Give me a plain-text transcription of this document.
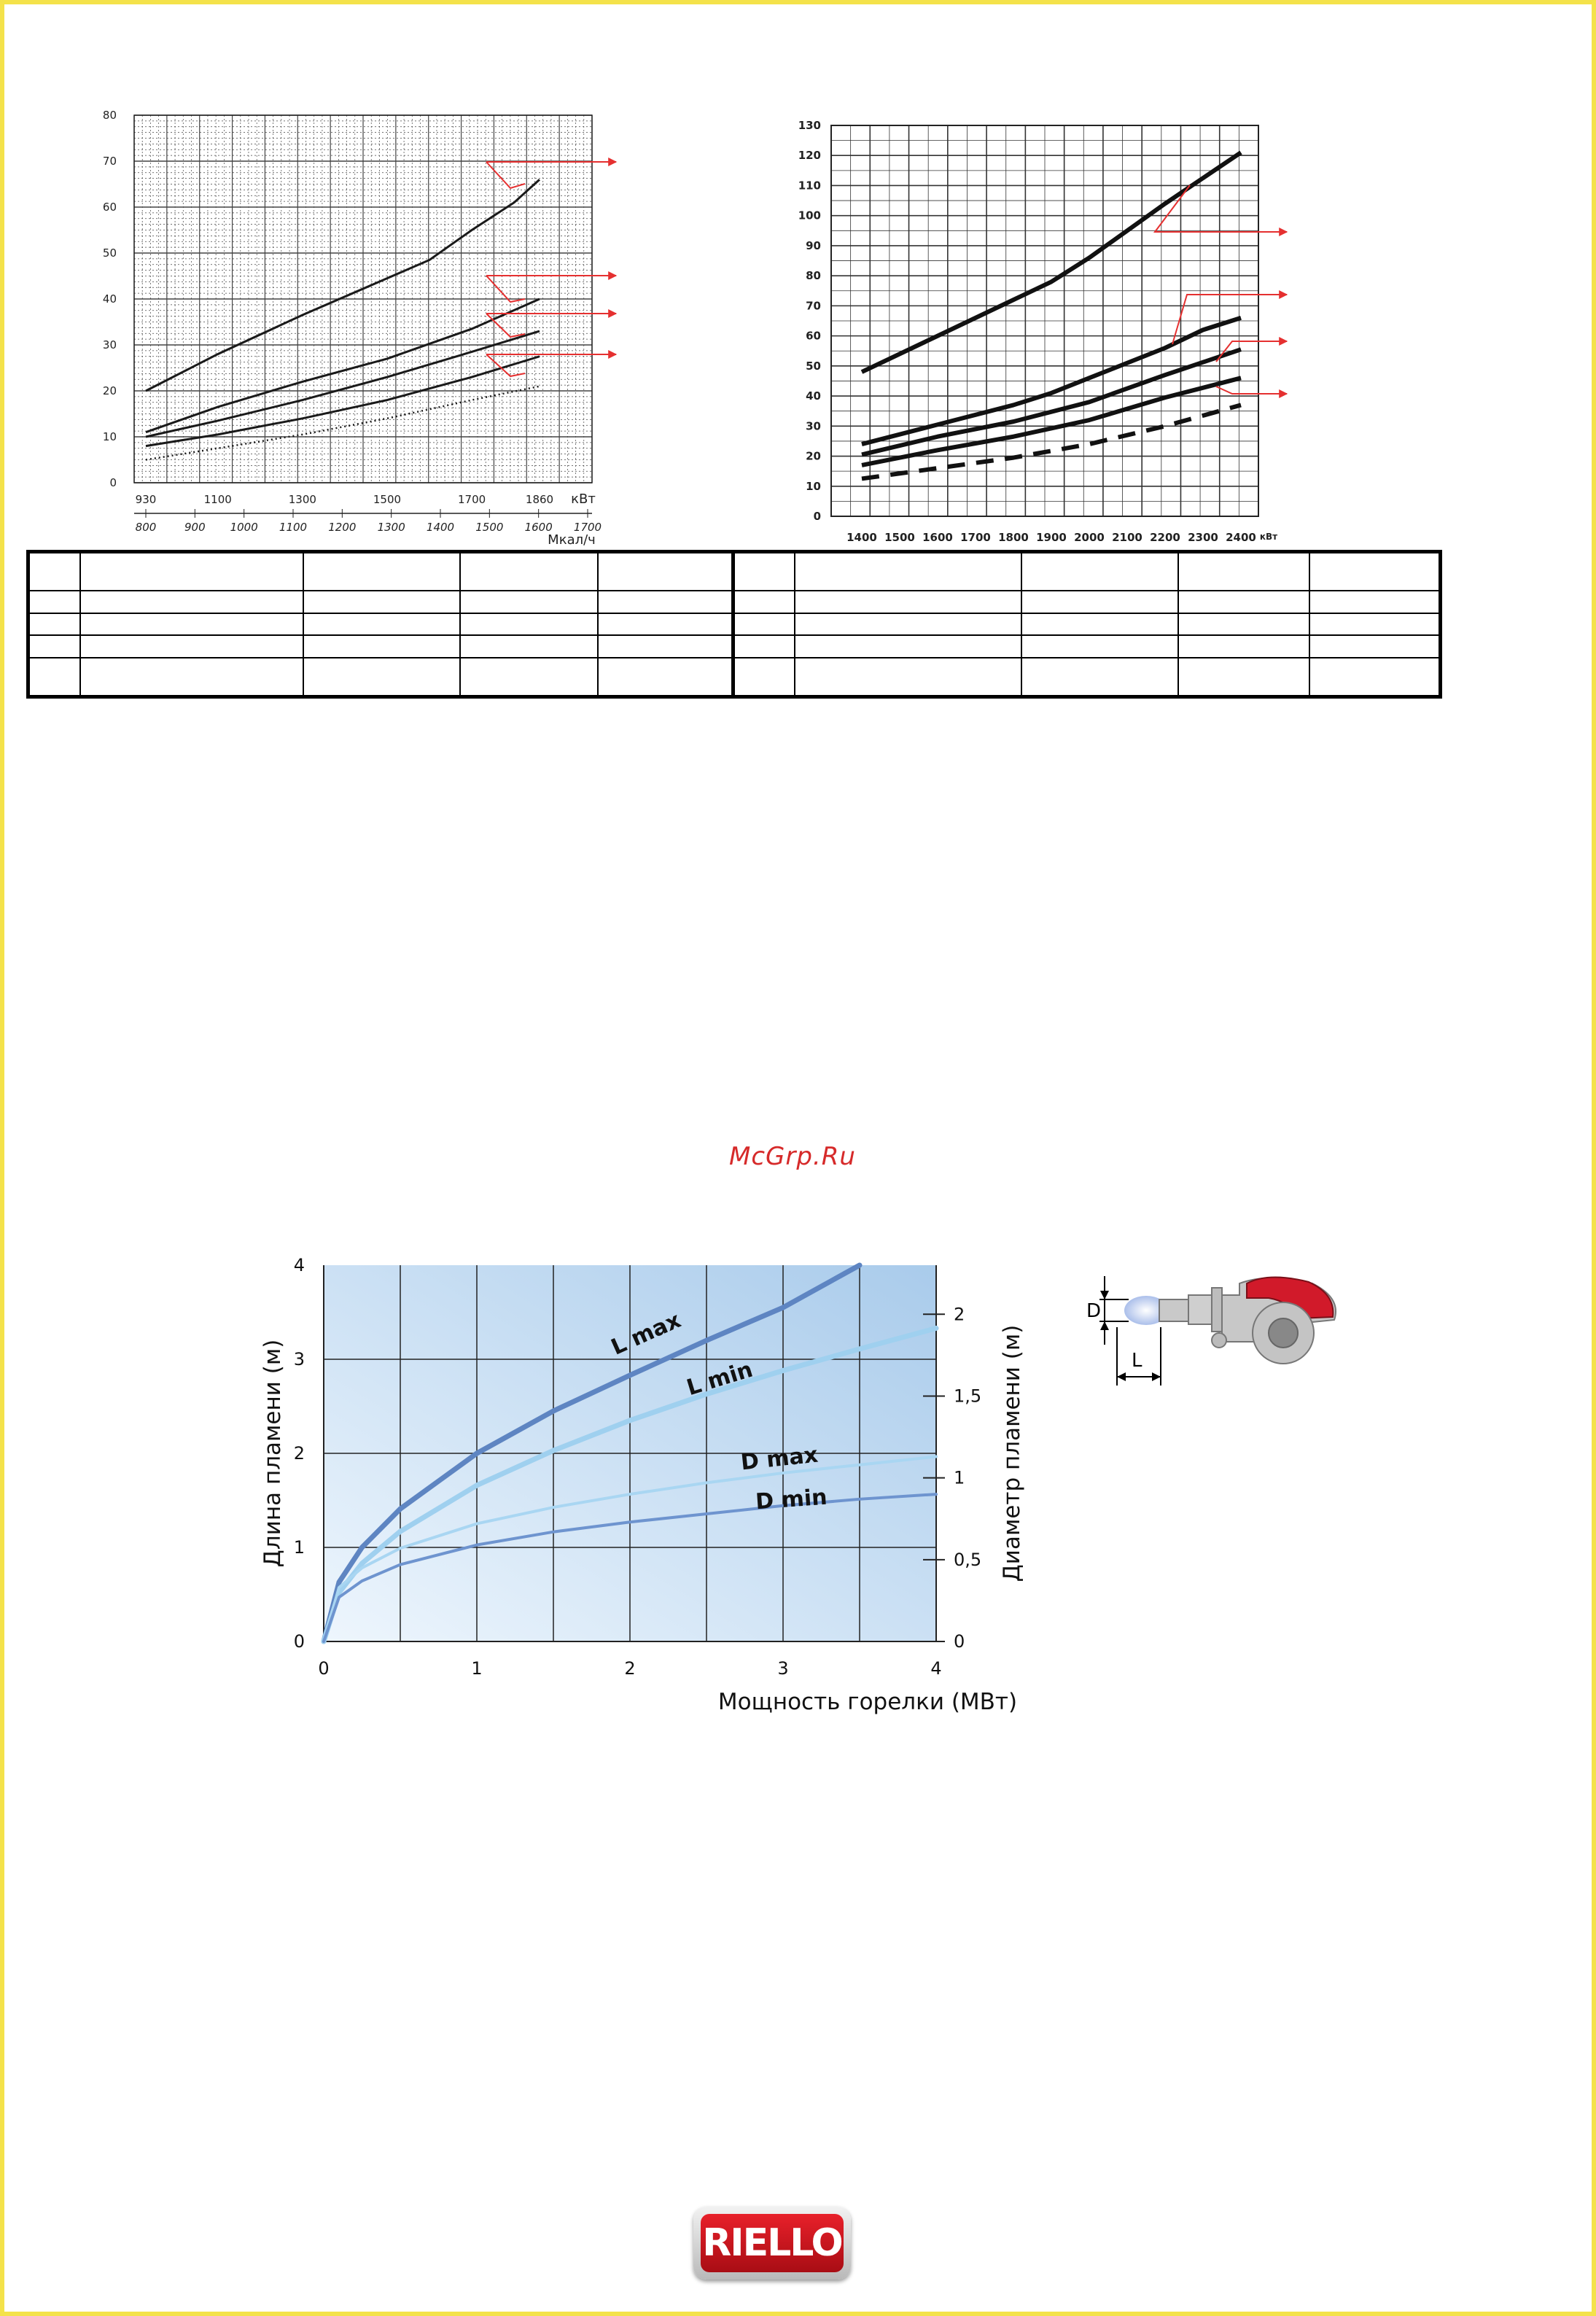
0
10
20
30
40
50
60
70
80
930	1100	1300	1500	1700	1860 кВт
800	900 1000 1100 1200 1300 1400 1500 1600 1700
Мкал/ч
0
10
20
30
40
50
60
70
80
90
100
110
120
130
1400 1500 1600 1700 1800 1900 2000 2100 2200 2300 2400 кВт

McGrp.Ru
0
1
2
3
4
0	1	2	3	4
0
0,5
1
1,5
2
Мощность горелки (МВт)
Длина пламени (м)	Диаметр пламени (м)
L max
L min
D max
D min
D
L
RIELLO
